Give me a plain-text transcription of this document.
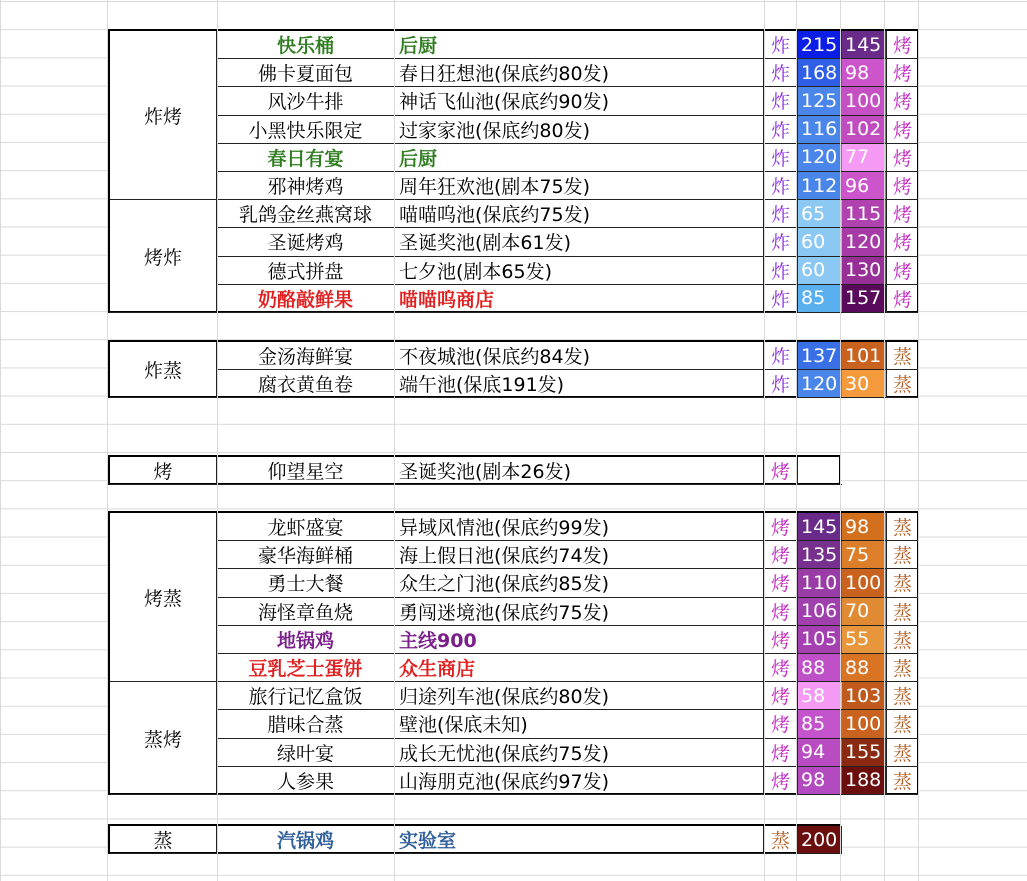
炸烤
快乐桶	后厨	炸 215 145 烤
佛卡夏面包	春日狂想池(保底约80发)	炸 168 98	烤
风沙牛排	神话飞仙池(保底约90发)	炸 125 100 烤
小黑快乐限定	过家家池(保底约80发)	炸 116 102 烤
春日有宴	后厨	炸 120 77	烤
邪神烤鸡	周年狂欢池(剧本75发)	炸 112 96	烤
烤炸
乳鸽金丝燕窝球	喵喵呜池(保底约75发)	炸 65	115 烤
圣诞烤鸡	圣诞奖池(剧本61发)	炸 60	120 烤
德式拼盘	七夕池(剧本65发)	炸 60	130 烤
奶酪敲鲜果	喵喵呜商店	炸 85	157 烤
炸蒸
金汤海鲜宴	不夜城池(保底约84发)	炸 137 101 蒸
腐衣黄鱼卷	端午池(保底191发)	炸 120 30	蒸
烤	仰望星空	圣诞奖池(剧本26发)	烤 150
烤蒸
龙虾盛宴	异域风情池(保底约99发)	烤 145 98	蒸
豪华海鲜桶	海上假日池(保底约74发)	烤 135 75	蒸
勇士大餐	众生之门池(保底约85发)	烤 110 100 蒸
海怪章鱼烧	勇闯迷境池(保底约75发)	烤 106 70	蒸
地锅鸡	主线900	烤 105 55	蒸
豆乳芝士蛋饼	众生商店	烤 88	88	蒸
蒸烤
旅行记忆盒饭	归途列车池(保底约80发)	烤 58	103 蒸
腊味合蒸	壁池(保底未知)	烤 85	100 蒸
绿叶宴	成长无忧池(保底约75发)	烤 94	155 蒸
人参果	山海朋克池(保底约97发)	烤 98	188 蒸
蒸	汽锅鸡	实验室	蒸 200
